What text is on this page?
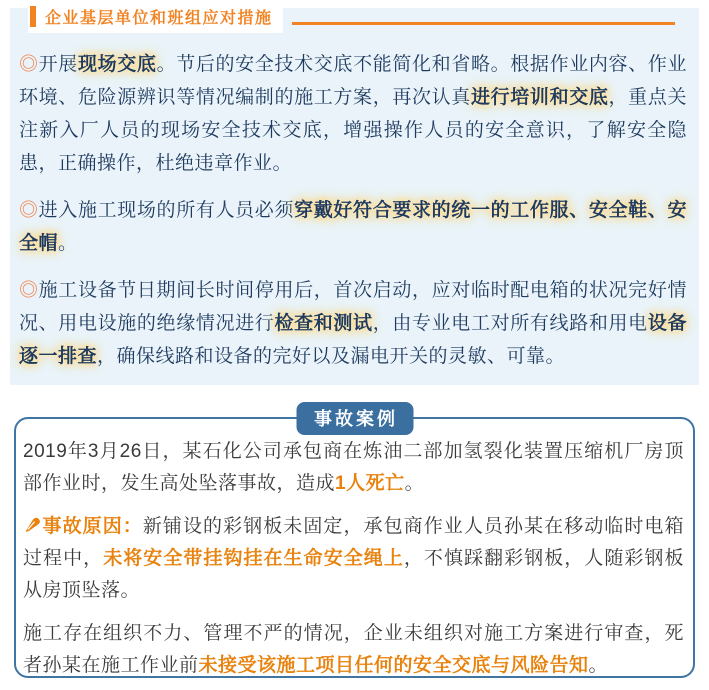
◎开展现场交底。节后的安全技术交底不能简化和省略。根据作业内容、作业环境、危险源辨识等情况编制的施工方案，再次认真进行培训和交底，重点关注新入厂人员的现场安全技术交底，增强操作人员的安全意识，了解安全隐患，正确操作，杜绝违章作业。

◎进入施工现场的所有人员必须穿戴好符合要求的统一的工作服、安全鞋、安全帽。

◎施工设备节日期间长时间停用后，首次启动，应对临时配电箱的状况完好情况、用电设施的绝缘情况进行检查和测试，由专业电工对所有线路和用电设备逐一排查，确保线路和设备的完好以及漏电开关的灵敏、可靠。

企业基层单位和班组应对措施
事故案例

2019年3月26日，某石化公司承包商在炼油二部加氢裂化装置压缩机厂房顶部作业时，发生高处坠落事故，造成1人死亡。

事故原因：新铺设的彩钢板未固定，承包商作业人员孙某在移动临时电箱过程中，未将安全带挂钩挂在生命安全绳上，不慎踩翻彩钢板，人随彩钢板从房顶坠落。

施工存在组织不力、管理不严的情况，企业未组织对施工方案进行审查，死者孙某在施工作业前未接受该施工项目任何的安全交底与风险告知。
